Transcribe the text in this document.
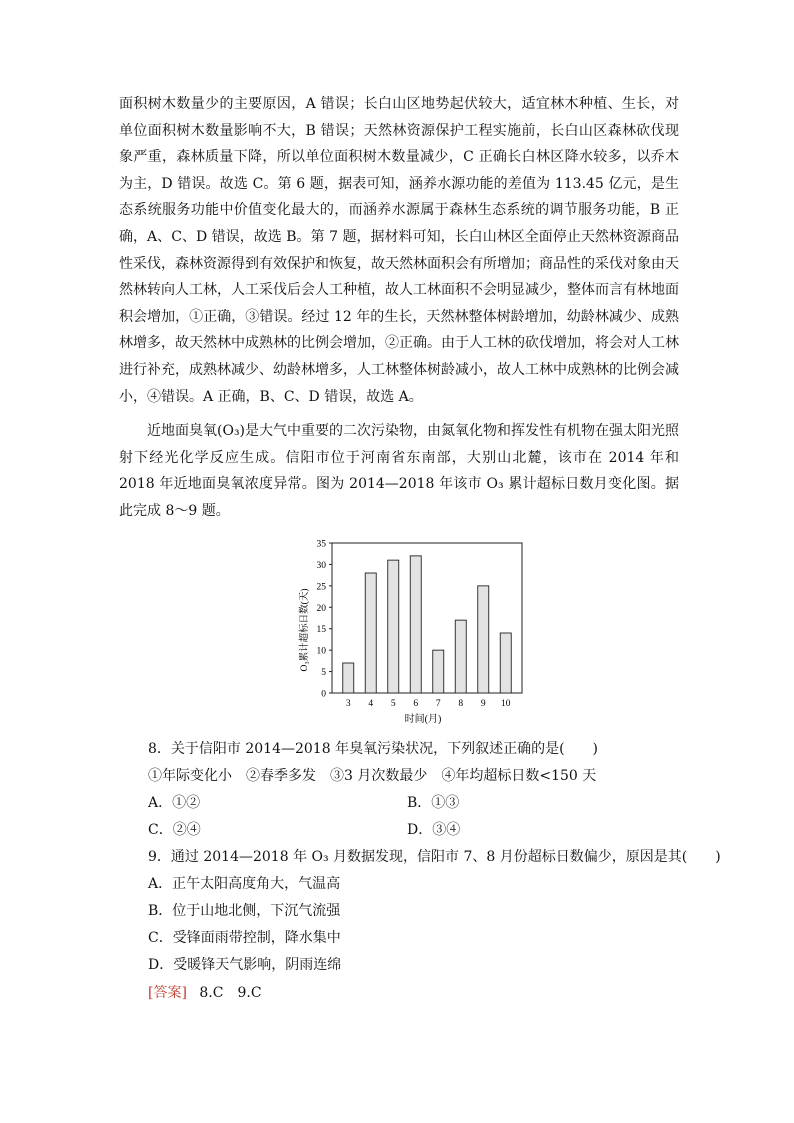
面积树木数量少的主要原因，A 错误；长白山区地势起伏较大，适宜林木种植、生长，对单位面积树木数量影响不大，B 错误；天然林资源保护工程实施前，长白山区森林砍伐现象严重，森林质量下降，所以单位面积树木数量减少，C 正确长白林区降水较多，以乔木为主，D 错误。故选 C。第 6 题，据表可知，涵养水源功能的差值为 113.45 亿元，是生态系统服务功能中价值变化最大的，而涵养水源属于森林生态系统的调节服务功能，B 正确，A、C、D 错误，故选 B。第 7 题，据材料可知，长白山林区全面停止天然林资源商品性采伐，森林资源得到有效保护和恢复，故天然林面积会有所增加；商品性的采伐对象由天然林转向人工林，人工采伐后会人工种植，故人工林面积不会明显减少，整体而言有林地面积会增加，①正确，③错误。经过 12 年的生长，天然林整体树龄增加，幼龄林减少、成熟林增多，故天然林中成熟林的比例会增加，②正确。由于人工林的砍伐增加，将会对人工林进行补充，成熟林减少、幼龄林增多，人工林整体树龄减小，故人工林中成熟林的比例会减小，④错误。A 正确，B、C、D 错误，故选 A。

近地面臭氧(O₃)是大气中重要的二次污染物，由氮氧化物和挥发性有机物在强太阳光照射下经光化学反应生成。信阳市位于河南省东南部，大别山北麓，该市在 2014 年和 2018 年近地面臭氧浓度异常。图为 2014—2018 年该市 O₃ 累计超标日数月变化图。据此完成 8～9 题。

0
5
10
15
20
25
30
35
3 4 5 6 7 8 9 10
O₃累计超标日数(天)
时间(月)
8．关于信阳市 2014—2018 年臭氧污染状况，下列叙述正确的是(　　)
①年际变化小　②春季多发　③3 月次数最少　④年均超标日数<150 天
A．①②	B．①③
C．②④	D．③④
9．通过 2014—2018 年 O₃ 月数据发现，信阳市 7、8 月份超标日数偏少，原因是其(　　)
A．正午太阳高度角大，气温高
B．位于山地北侧，下沉气流强
C．受锋面雨带控制，降水集中
D．受暖锋天气影响，阴雨连绵
[答案] 8.C　9.C
